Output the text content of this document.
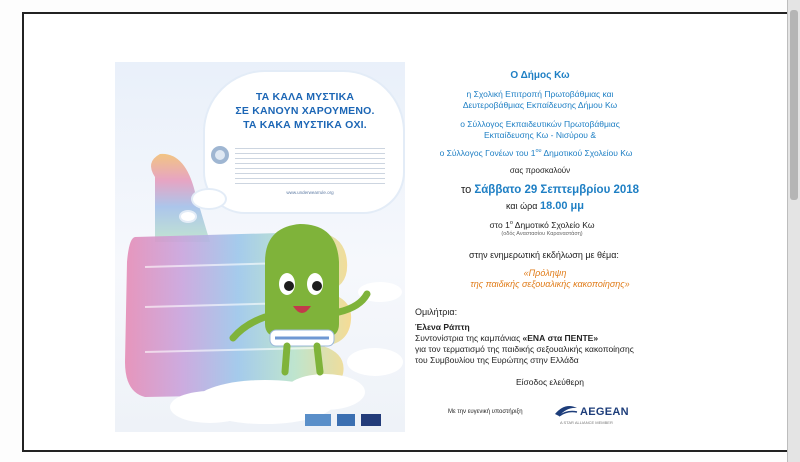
ΤΑ ΚΑΛΑ ΜΥΣΤΙΚΑ
ΣΕ ΚΑΝΟΥΝ ΧΑΡΟΥΜΕΝΟ.
ΤΑ ΚΑΚΑ ΜΥΣΤΙΚΑ ΟΧΙ.
www.underwearrule.org
Ο Δήμος Κω
η Σχολική Επιτροπή Πρωτοβάθμιας και
Δευτεροβάθμιας Εκπαίδευσης Δήμου Κω
ο Σύλλογος Εκπαιδευτικών Πρωτοβάθμιας
Εκπαίδευσης Κω - Νισύρου &
ο Σύλλογος Γονέων του $1^{o\upsilon}$ Δημοτικού Σχολείου Κω
σας προσκαλούν
το Σάββατο 29 Σεπτεμβρίου 2018
και ώρα 18.00 μμ
στο $1^o$ Δημοτικό Σχολείο Κω
(οδός Αναστασίου Καραναστάση)
στην ενημερωτική εκδήλωση με θέμα:
«Πρόληψη
της παιδικής σεξουαλικής κακοποίησης»
Ομιλήτρια:
Έλενα Ράπτη
Συντονίστρια της καμπάνιας «ΕΝΑ στα ΠΕΝΤΕ»
για τον τερματισμό της παιδικής σεξουαλικής κακοποίησης
του Συμβουλίου της Ευρώπης στην Ελλάδα
Είσοδος ελεύθερη
Με την ευγενική υποστήριξη	AEGEAN
A STAR ALLIANCE MEMBER
